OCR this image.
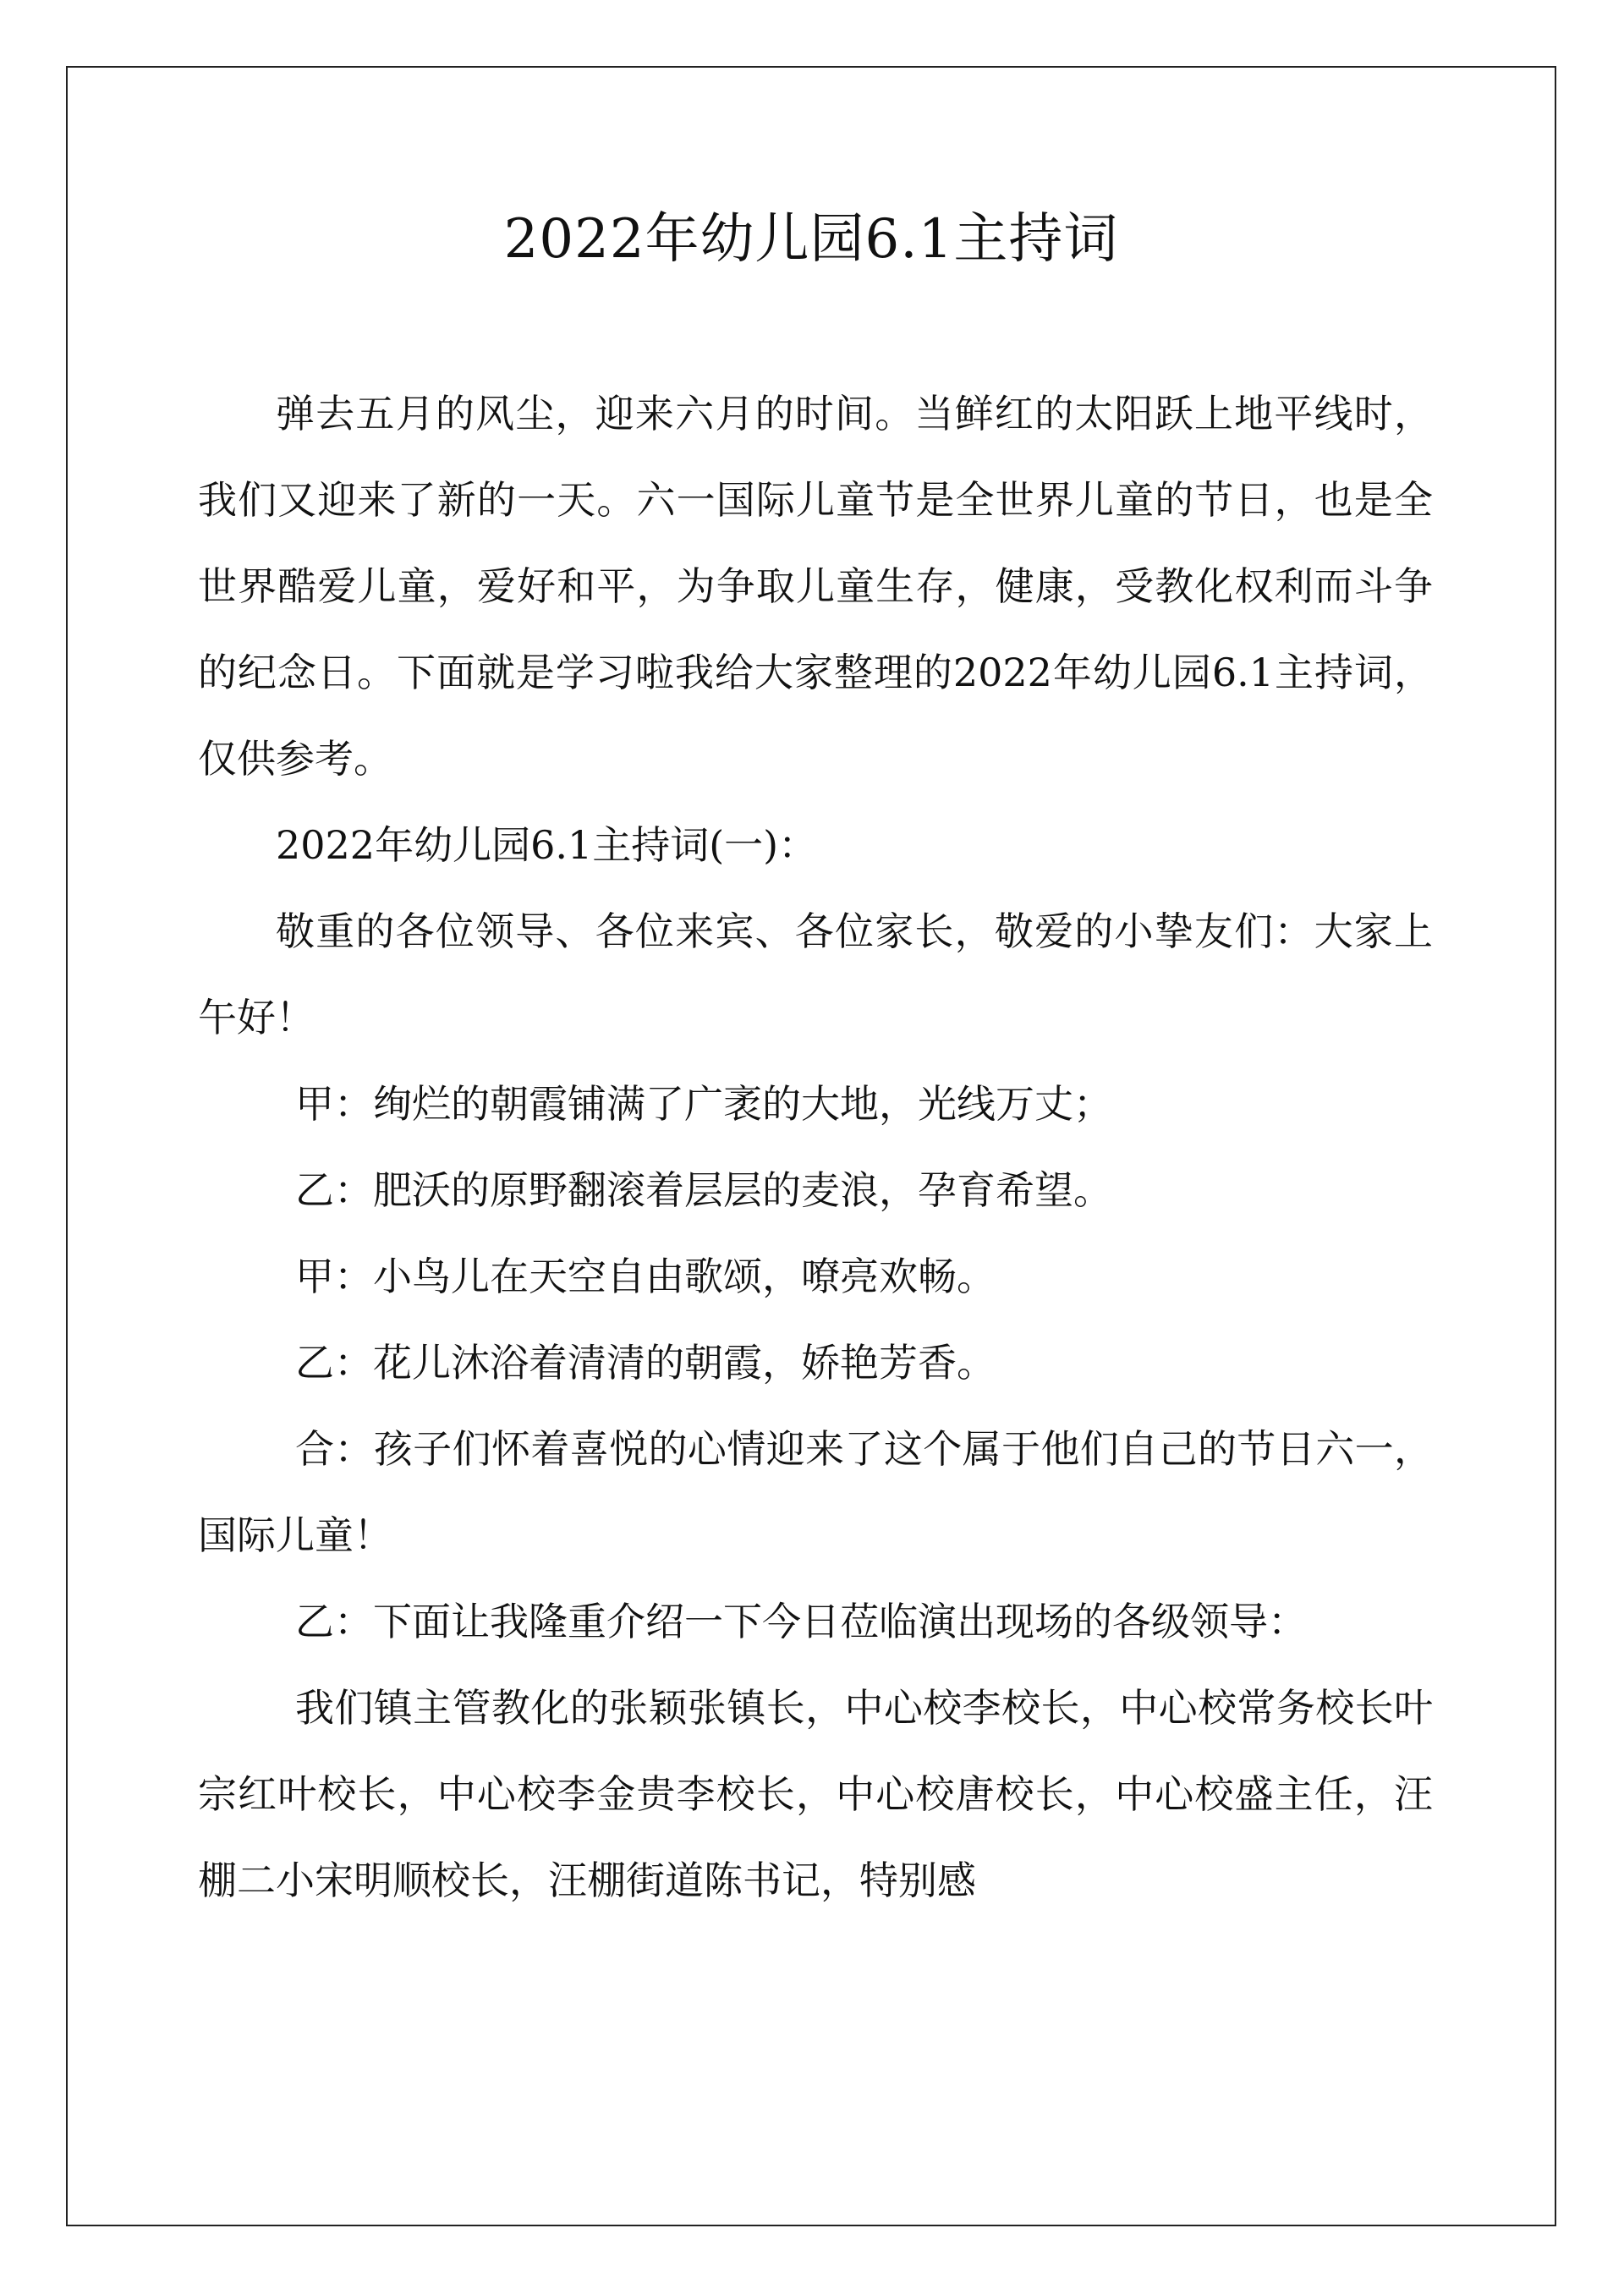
2022年幼儿园6.1主持词

弹去五月的风尘，迎来六月的时间。当鲜红的太阳跃上地平线时，我们又迎来了新的一天。六一国际儿童节是全世界儿童的节日，也是全世界酷爱儿童，爱好和平，为争取儿童生存，健康，受教化权利而斗争的纪念日。下面就是学习啦我给大家整理的2022年幼儿园6.1主持词，仅供参考。

2022年幼儿园6.1主持词(一)：

敬重的各位领导、各位来宾、各位家长，敬爱的小挚友们：大家上午好！

甲：绚烂的朝霞铺满了广袤的大地，光线万丈；

乙：肥沃的原野翻滚着层层的麦浪，孕育希望。

甲：小鸟儿在天空自由歌颂，嘹亮欢畅。

乙：花儿沐浴着清清的朝霞，娇艳芳香。

合：孩子们怀着喜悦的心情迎来了这个属于他们自己的节日六一，国际儿童！

乙：下面让我隆重介绍一下今日莅临演出现场的各级领导：

我们镇主管教化的张颖张镇长，中心校李校长，中心校常务校长叶宗红叶校长，中心校李金贵李校长，中心校唐校长，中心校盛主任，汪棚二小宋明顺校长，汪棚街道陈书记，特别感
